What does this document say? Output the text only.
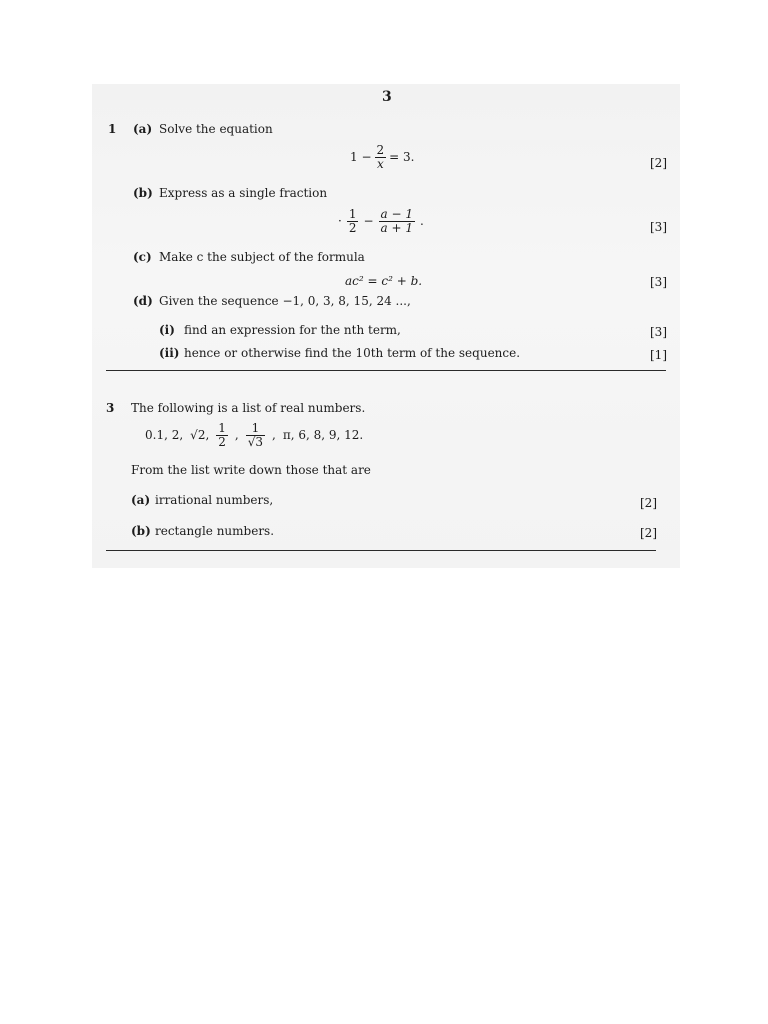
3
1 (a) Solve the equation
$1 - \frac{2}{x} = 3$.	[2]
(b) Express as a single fraction
· $\frac{1}{2} - \frac{a - 1}{a + 1}$ .	[3]
(c) Make c the subject of the formula
ac² = c² + b.	[3]
(d) Given the sequence −1, 0, 3, 8, 15, 24 ...,
(i) find an expression for the nth term,	[3]
(ii) hence or otherwise find the 10th term of the sequence.	[1]
3 The following is a list of real numbers.
0.1, 2, √2, $\frac{1}{2}$ , $\frac{1}{√3}$ , π, 6, 8, 9, 12.
From the list write down those that are
(a) irrational numbers,	[2]
(b) rectangle numbers.	[2]
